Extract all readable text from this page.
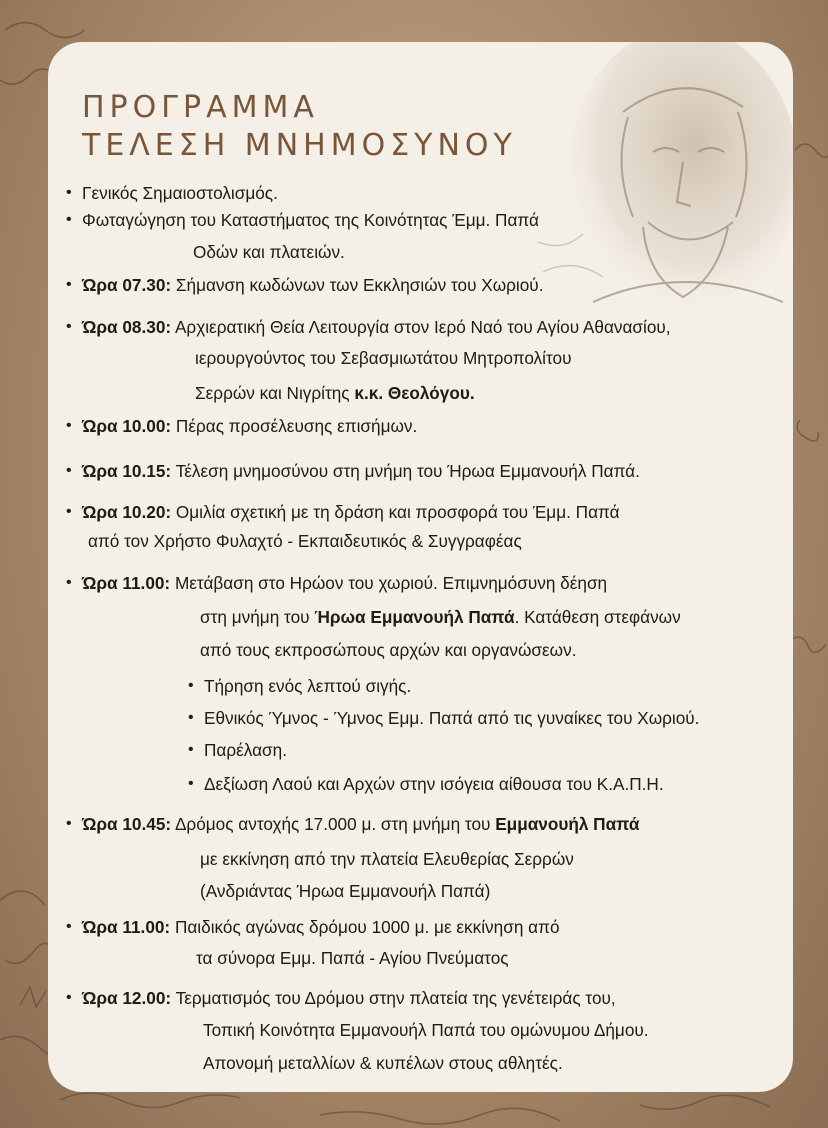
ΠΡΟΓΡΑΜΜΑ
ΤΕΛΕΣΗ ΜΝΗΜΟΣΥΝΟΥ
• Γενικός Σημαιοστολισμός.
• Φωταγώγηση του Καταστήματος της Κοινότητας Έμμ. Παπά
Οδών και πλατειών.
• Ώρα 07.30: Σήμανση κωδώνων των Εκκλησιών του Χωριού.
• Ώρα 08.30: Αρχιερατική Θεία Λειτουργία στον Ιερό Ναό του Αγίου Αθανασίου,
ιερουργούντος του Σεβασμιωτάτου Μητροπολίτου
Σερρών και Νιγρίτης κ.κ. Θεολόγου.
• Ώρα 10.00: Πέρας προσέλευσης επισήμων.
• Ώρα 10.15: Τέλεση μνημοσύνου στη μνήμη του Ήρωα Εμμανουήλ Παπά.
• Ώρα 10.20: Ομιλία σχετική με τη δράση και προσφορά του Έμμ. Παπά
από τον Χρήστο Φυλαχτό - Εκπαιδευτικός & Συγγραφέας
• Ώρα 11.00: Μετάβαση στο Ηρώον του χωριού. Επιμνημόσυνη δέηση
στη μνήμη του Ήρωα Εμμανουήλ Παπά. Κατάθεση στεφάνων
από τους εκπροσώπους αρχών και οργανώσεων.
• Τήρηση ενός λεπτού σιγής.
• Εθνικός Ύμνος - Ύμνος Εμμ. Παπά από τις γυναίκες του Χωριού.
• Παρέλαση.
• Δεξίωση Λαού και Αρχών στην ισόγεια αίθουσα του Κ.Α.Π.Η.
• Ώρα 10.45: Δρόμος αντοχής 17.000 μ. στη μνήμη του Εμμανουήλ Παπά
με εκκίνηση από την πλατεία Ελευθερίας Σερρών
(Ανδριάντας Ήρωα Εμμανουήλ Παπά)
• Ώρα 11.00: Παιδικός αγώνας δρόμου 1000 μ. με εκκίνηση από
τα σύνορα Εμμ. Παπά - Αγίου Πνεύματος
• Ώρα 12.00: Τερματισμός του Δρόμου στην πλατεία της γενέτειράς του,
Τοπική Κοινότητα Εμμανουήλ Παπά του ομώνυμου Δήμου.
Απονομή μεταλλίων & κυπέλων στους αθλητές.
